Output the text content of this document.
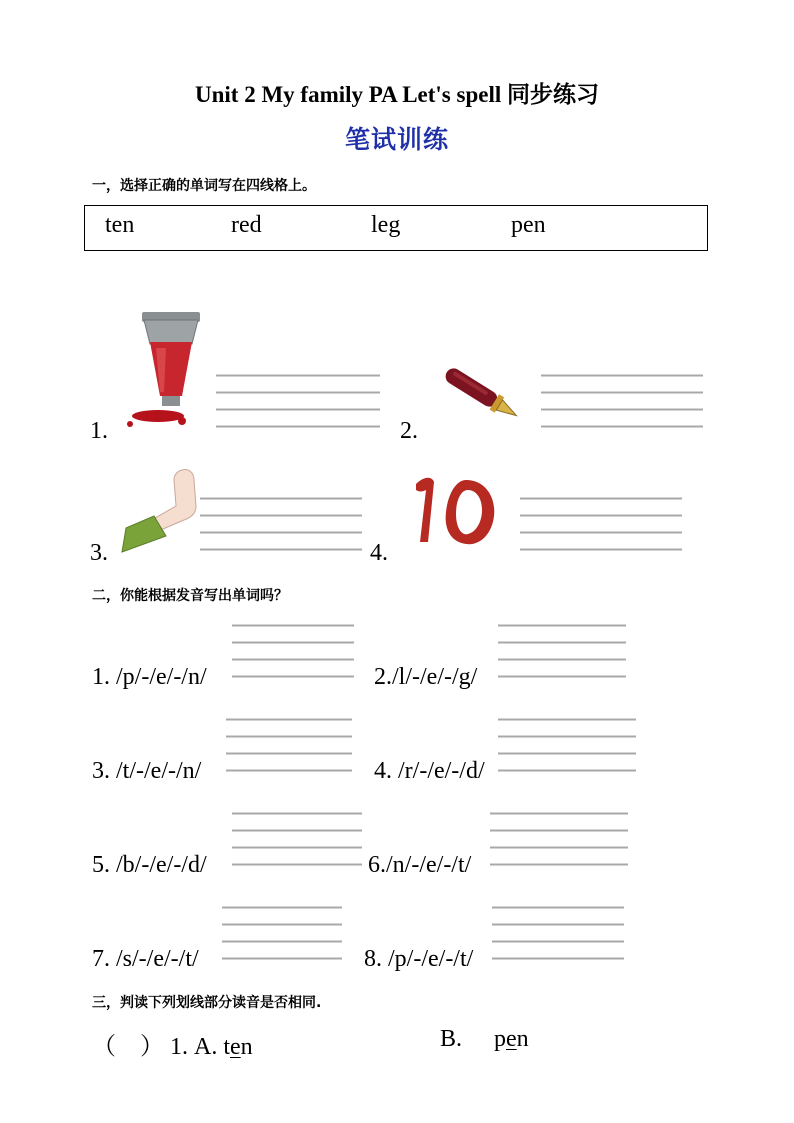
Unit 2 My family PA Let's spell 同步练习
笔试训练
一，选择正确的单词写在四线格上。
ten	red	leg	pen
1.	2.
3.	4.
二，你能根据发音写出单词吗？
1. /p/-/e/-/n/	2./l/-/e/-/g/
3. /t/-/e/-/n/	4. /r/-/e/-/d/
5. /b/-/e/-/d/	6./n/-/e/-/t/
7. /s/-/e/-/t/	8. /p/-/e/-/t/
三，判读下列划线部分读音是否相同.
（　） 1. A. ten	B. pen
